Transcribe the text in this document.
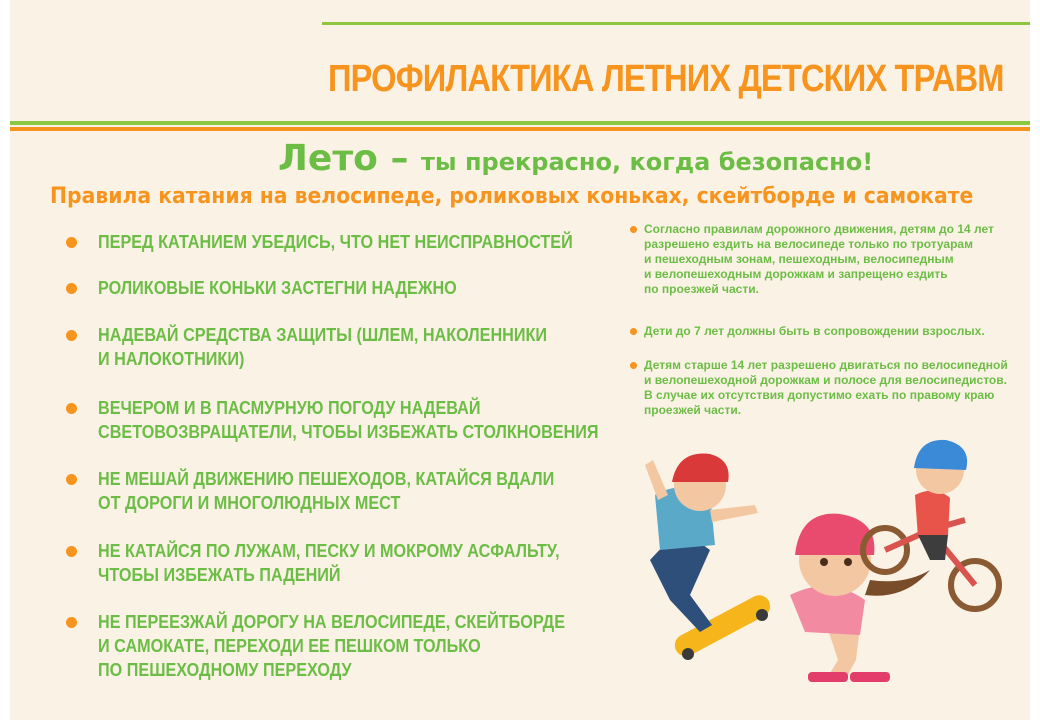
ПРОФИЛАКТИКА ЛЕТНИХ ДЕТСКИХ ТРАВМ
Лето – ты прекрасно, когда безопасно!
Правила катания на велосипеде, роликовых коньках, скейтборде и самокате
ПЕРЕД КАТАНИЕМ УБЕДИСЬ, ЧТО НЕТ НЕИСПРАВНОСТЕЙ
РОЛИКОВЫЕ КОНЬКИ ЗАСТЕГНИ НАДЕЖНО
НАДЕВАЙ СРЕДСТВА ЗАЩИТЫ (ШЛЕМ, НАКОЛЕННИКИ
И НАЛОКОТНИКИ)
ВЕЧЕРОМ И В ПАСМУРНУЮ ПОГОДУ НАДЕВАЙ
СВЕТОВОЗВРАЩАТЕЛИ, ЧТОБЫ ИЗБЕЖАТЬ СТОЛКНОВЕНИЯ
НЕ МЕШАЙ ДВИЖЕНИЮ ПЕШЕХОДОВ, КАТАЙСЯ ВДАЛИ
ОТ ДОРОГИ И МНОГОЛЮДНЫХ МЕСТ
НЕ КАТАЙСЯ ПО ЛУЖАМ, ПЕСКУ И МОКРОМУ АСФАЛЬТУ,
ЧТОБЫ ИЗБЕЖАТЬ ПАДЕНИЙ
НЕ ПЕРЕЕЗЖАЙ ДОРОГУ НА ВЕЛОСИПЕДЕ, СКЕЙТБОРДЕ
И САМОКАТЕ, ПЕРЕХОДИ ЕЕ ПЕШКОМ ТОЛЬКО
ПО ПЕШЕХОДНОМУ ПЕРЕХОДУ
Согласно правилам дорожного движения, детям до 14 лет
разрешено ездить на велосипеде только по тротуарам
и пешеходным зонам, пешеходным, велосипедным
и велопешеходным дорожкам и запрещено ездить
по проезжей части.
Дети до 7 лет должны быть в сопровождении взрослых.
Детям старше 14 лет разрешено двигаться по велосипедной
и велопешеходной дорожкам и полосе для велосипедистов.
В случае их отсутствия допустимо ехать по правому краю
проезжей части.
